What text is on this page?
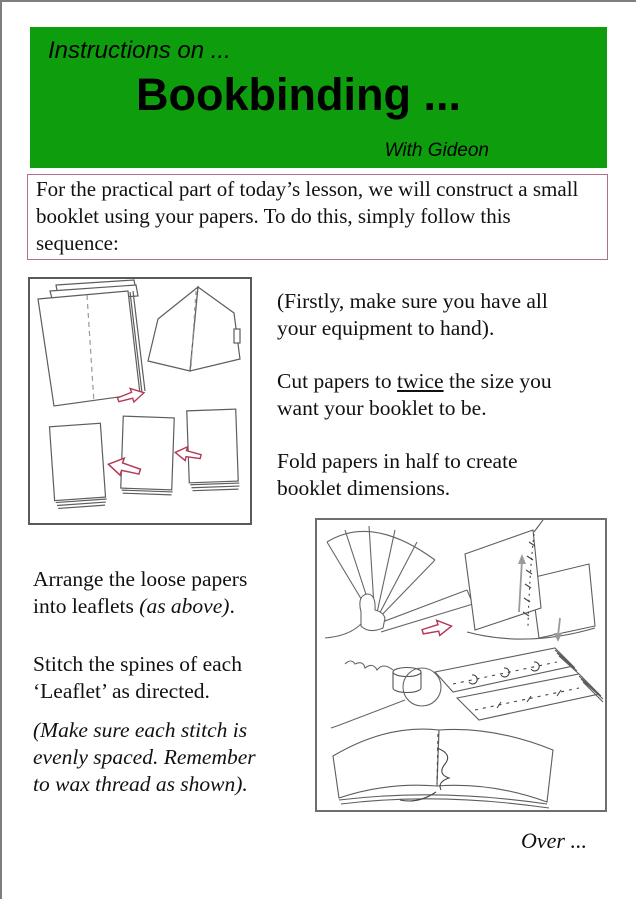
Instructions on ...
Bookbinding ...
With Gideon
For the practical part of today’s lesson, we will construct a small
booklet using your papers. To do this, simply follow this
sequence:

(Firstly, make sure you have all
your equipment to hand).

Cut papers to twice the size you
want your booklet to be.

Fold papers in half to create
booklet dimensions.

Arrange the loose papers
into leaflets (as above).

Stitch the spines of each
‘Leaflet’ as directed.

(Make sure each stitch is
evenly spaced. Remember
to wax thread as shown).

Over ...
